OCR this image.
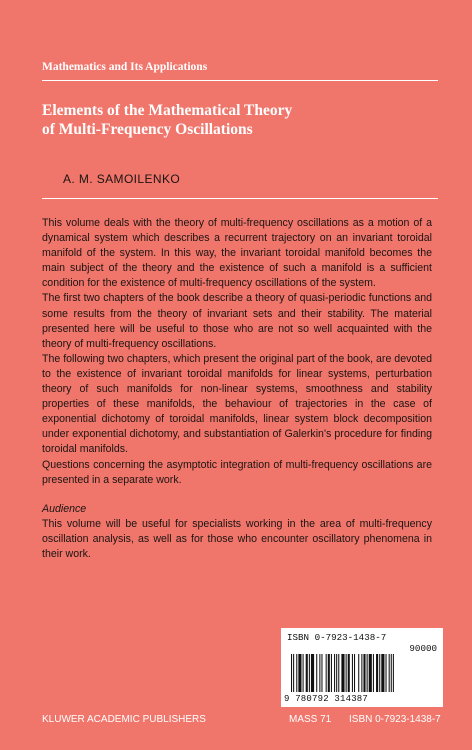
Mathematics and Its Applications
Elements of the Mathematical Theory
of Multi-Frequency Oscillations
A. M. SAMOILENKO

This volume deals with the theory of multi-frequency oscillations as a motion of a dynamical system which describes a recurrent trajectory on an invariant toroidal manifold of the system. In this way, the invariant toroidal manifold becomes the main subject of the theory and the existence of such a manifold is a sufficient condition for the existence of multi-frequency oscillations of the system.

The first two chapters of the book describe a theory of quasi-periodic functions and some results from the theory of invariant sets and their stability. The material presented here will be useful to those who are not so well acquainted with the theory of multi-frequency oscillations.

The following two chapters, which present the original part of the book, are devoted to the existence of invariant toroidal manifolds for linear systems, perturbation theory of such manifolds for non-linear systems, smoothness and stability properties of these manifolds, the behaviour of trajectories in the case of exponential dichotomy of toroidal manifolds, linear system block decomposition under exponential dichotomy, and substantiation of Galerkin's procedure for finding toroidal manifolds.

Questions concerning the asymptotic integration of multi-frequency oscillations are presented in a separate work.

Audience

This volume will be useful for specialists working in the area of multi-frequency oscillation analysis, as well as for those who encounter oscillatory phenomena in their work.

ISBN 0-7923-1438-7
90000
9 780792 314387
KLUWER ACADEMIC PUBLISHERS	MASS 71 ISBN 0-7923-1438-7
